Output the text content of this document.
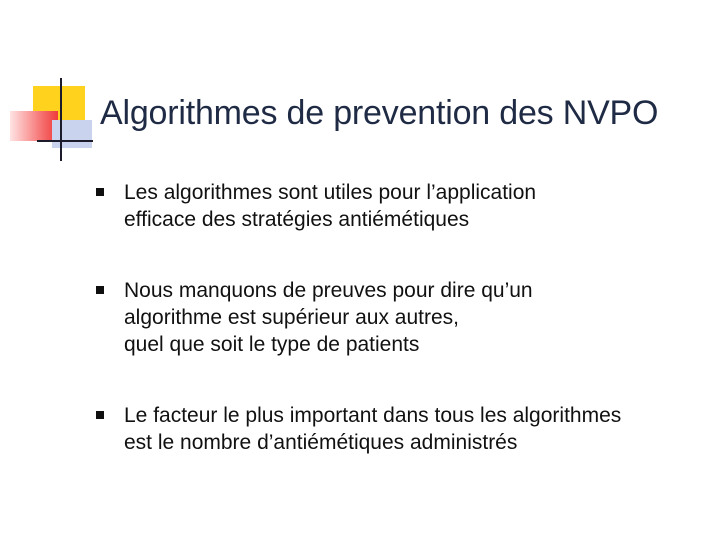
Algorithmes de prevention des NVPO
Les algorithmes sont utiles pour l’application
efficace des stratégies antiémétiques
Nous manquons de preuves pour dire qu’un
algorithme est supérieur aux autres,
quel que soit le type de patients
Le facteur le plus important dans tous les algorithmes
est le nombre d’antiémétiques administrés
